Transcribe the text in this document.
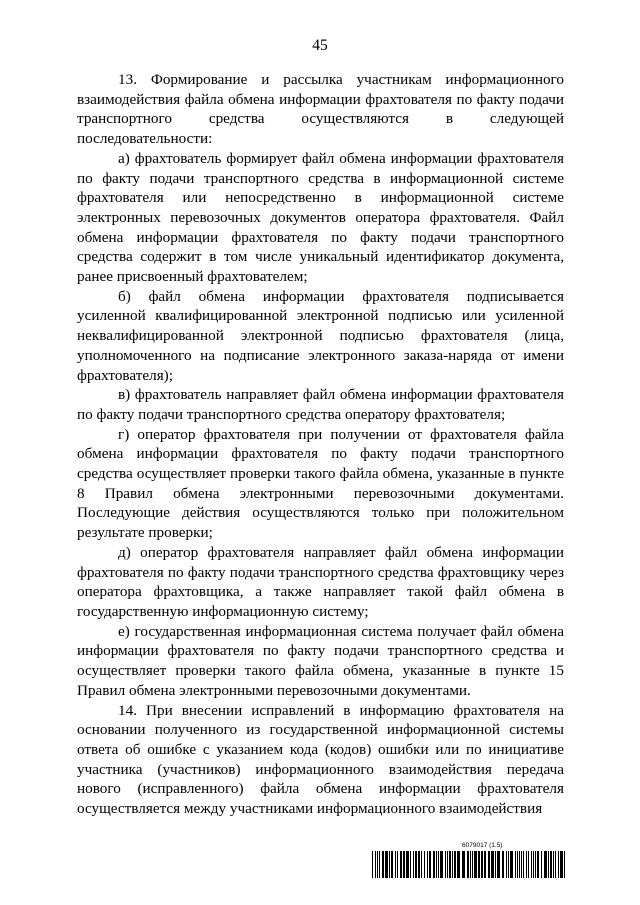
45

13. Формирование и рассылка участникам информационного взаимодействия файла обмена информации фрахтователя по факту подачи транспортного средства осуществляются в следующей последовательности:

а) фрахтователь формирует файл обмена информации фрахтователя по факту подачи транспортного средства в информационной системе фрахтователя или непосредственно в информационной системе электронных перевозочных документов оператора фрахтователя. Файл обмена информации фрахтователя по факту подачи транспортного средства содержит в том числе уникальный идентификатор документа, ранее присвоенный фрахтователем;

б) файл обмена информации фрахтователя подписывается усиленной квалифицированной электронной подписью или усиленной неквалифицированной электронной подписью фрахтователя (лица, уполномоченного на подписание электронного заказа-наряда от имени фрахтователя);

в) фрахтователь направляет файл обмена информации фрахтователя по факту подачи транспортного средства оператору фрахтователя;

г) оператор фрахтователя при получении от фрахтователя файла обмена информации фрахтователя по факту подачи транспортного средства осуществляет проверки такого файла обмена, указанные в пункте 8 Правил обмена электронными перевозочными документами. Последующие действия осуществляются только при положительном результате проверки;

д) оператор фрахтователя направляет файл обмена информации фрахтователя по факту подачи транспортного средства фрахтовщику через оператора фрахтовщика, а также направляет такой файл обмена в государственную информационную систему;

е) государственная информационная система получает файл обмена информации фрахтователя по факту подачи транспортного средства и осуществляет проверки такого файла обмена, указанные в пункте 15 Правил обмена электронными перевозочными документами.

14. При внесении исправлений в информацию фрахтователя на основании полученного из государственной информационной системы ответа об ошибке с указанием кода (кодов) ошибки или по инициативе участника (участников) информационного взаимодействия передача нового (исправленного) файла обмена информации фрахтователя осуществляется между участниками информационного взаимодействия

6079017 (1.5)
